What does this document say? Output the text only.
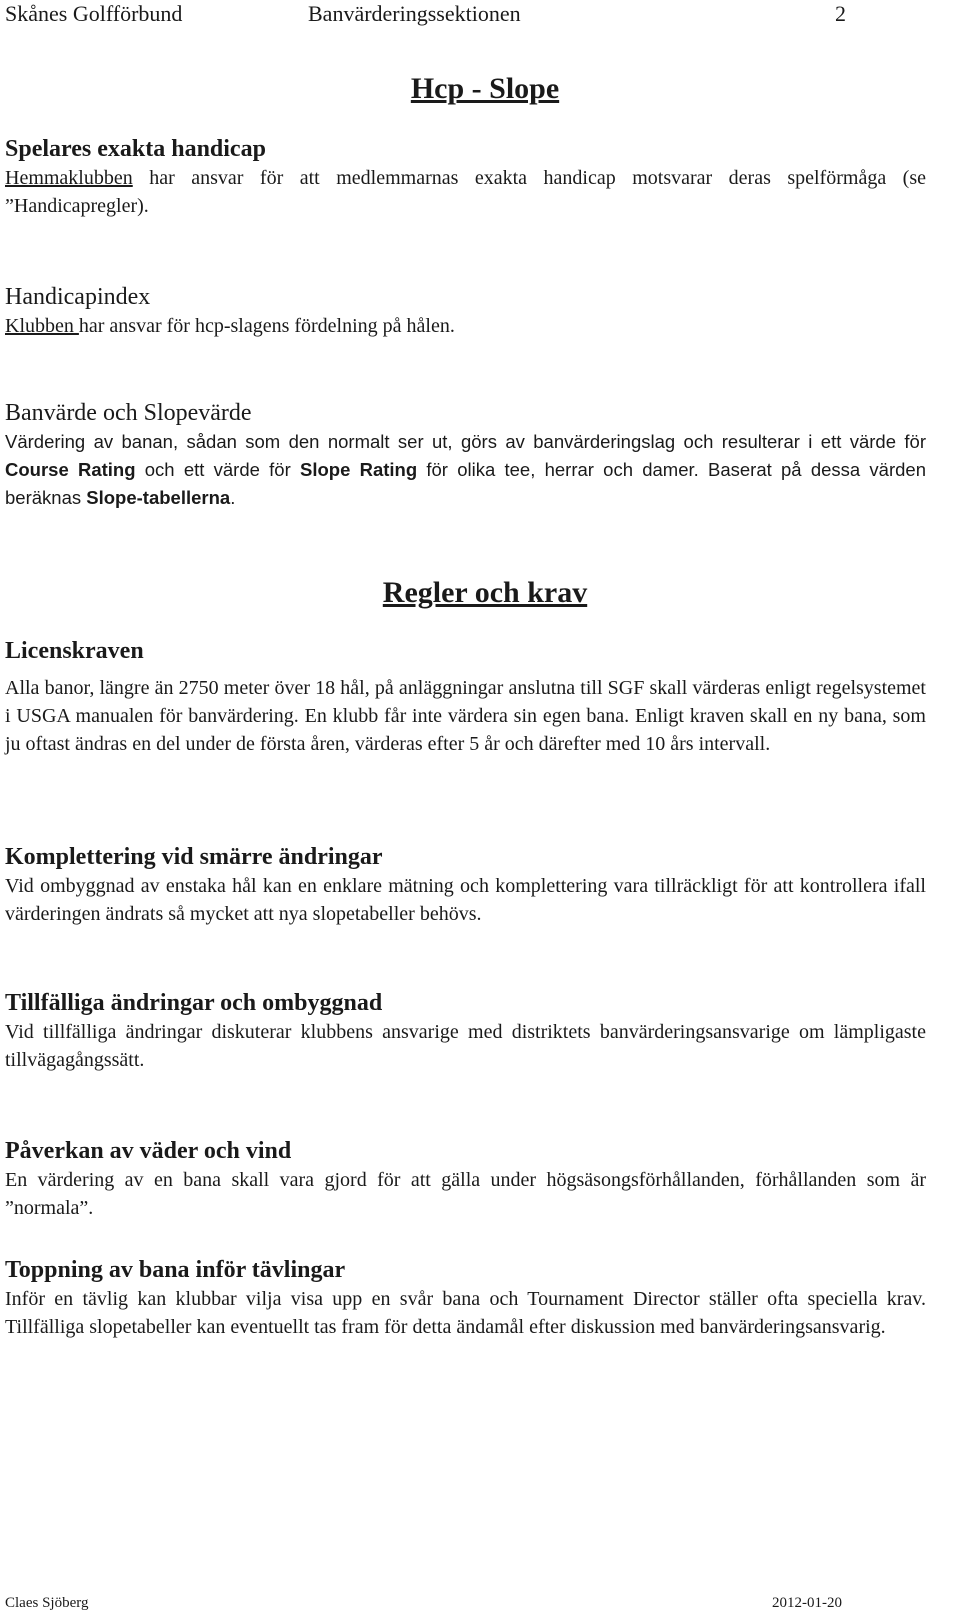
Skånes Golfförbund	Banvärderingssektionen	2
Hcp - Slope
Spelares exakta handicap

Hemmaklubben har ansvar för att medlemmarnas exakta handicap motsvarar deras spelförmåga (se ”Handicapregler).

Handicapindex

Klubben har ansvar för hcp-slagens fördelning på hålen.

Banvärde och Slopevärde

Värdering av banan, sådan som den normalt ser ut, görs av banvärderingslag och resulterar i ett värde för Course Rating och ett värde för Slope Rating för olika tee, herrar och damer. Baserat på dessa värden beräknas Slope-tabellerna.

Regler och krav
Licenskraven

Alla banor, längre än 2750 meter över 18 hål, på anläggningar anslutna till SGF skall värderas enligt regelsystemet i USGA manualen för banvärdering. En klubb får inte värdera sin egen bana. Enligt kraven skall en ny bana, som ju oftast ändras en del under de första åren, värderas efter 5 år och därefter med 10 års intervall.

Komplettering vid smärre ändringar

Vid ombyggnad av enstaka hål kan en enklare mätning och komplettering vara tillräckligt för att kontrollera ifall värderingen ändrats så mycket att nya slopetabeller behövs.

Tillfälliga ändringar och ombyggnad

Vid tillfälliga ändringar diskuterar klubbens ansvarige med distriktets banvärderingsansvarige om lämpligaste tillvägagångssätt.

Påverkan av väder och vind

En värdering av en bana skall vara gjord för att gälla under högsäsongsförhållanden, förhållanden som är ”normala”.

Toppning av bana inför tävlingar

Inför en tävlig kan klubbar vilja visa upp en svår bana och Tournament Director ställer ofta speciella krav. Tillfälliga slopetabeller kan eventuellt tas fram för detta ändamål efter diskussion med banvärderingsansvarig.

Claes Sjöberg	2012-01-20
